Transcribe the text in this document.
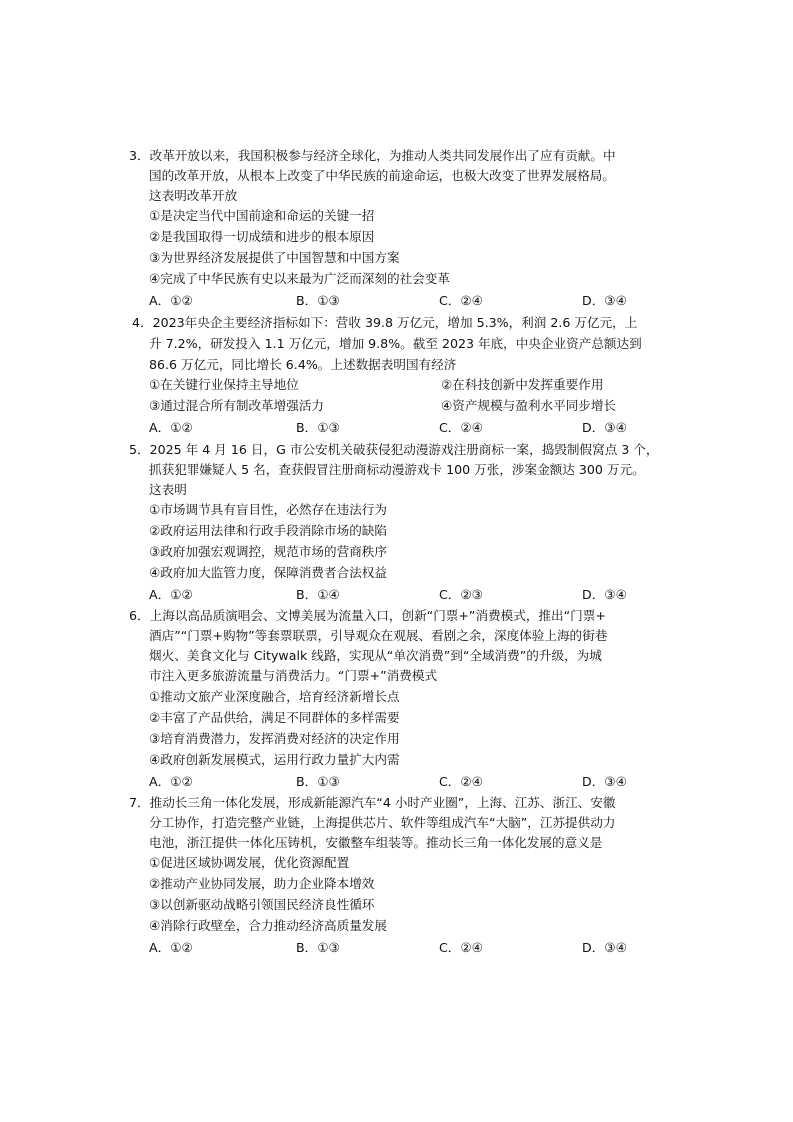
3．改革开放以来，我国积极参与经济全球化，为推动人类共同发展作出了应有贡献。中
国的改革开放，从根本上改变了中华民族的前途命运，也极大改变了世界发展格局。
这表明改革开放
①是决定当代中国前途和命运的关键一招
②是我国取得一切成绩和进步的根本原因
③为世界经济发展提供了中国智慧和中国方案
④完成了中华民族有史以来最为广泛而深刻的社会变革
A．①②	B．①③	C．②④	D．③④
4．2023年央企主要经济指标如下：营收 39.8 万亿元，增加 5.3%，利润 2.6 万亿元，上
升 7.2%，研发投入 1.1 万亿元，增加 9.8%。截至 2023 年底，中央企业资产总额达到
86.6 万亿元，同比增长 6.4%。上述数据表明国有经济
①在关键行业保持主导地位	②在科技创新中发挥重要作用
③通过混合所有制改革增强活力	④资产规模与盈利水平同步增长
A．①②	B．①③	C．②④	D．③④
5．2025 年 4 月 16 日，G 市公安机关破获侵犯动漫游戏注册商标一案，捣毁制假窝点 3 个，
抓获犯罪嫌疑人 5 名，查获假冒注册商标动漫游戏卡 100 万张，涉案金额达 300 万元。
这表明
①市场调节具有盲目性，必然存在违法行为
②政府运用法律和行政手段消除市场的缺陷
③政府加强宏观调控，规范市场的营商秩序
④政府加大监管力度，保障消费者合法权益
A．①②	B．①④	C．②③	D．③④
6．上海以高品质演唱会、文博美展为流量入口，创新“门票+”消费模式，推出“门票+
酒店”“门票+购物”等套票联票，引导观众在观展、看剧之余，深度体验上海的街巷
烟火、美食文化与 Citywalk 线路，实现从“单次消费”到“全域消费”的升级，为城
市注入更多旅游流量与消费活力。“门票+”消费模式
①推动文旅产业深度融合，培育经济新增长点
②丰富了产品供给，满足不同群体的多样需要
③培育消费潜力，发挥消费对经济的决定作用
④政府创新发展模式，运用行政力量扩大内需
A．①②	B．①③	C．②④	D．③④
7．推动长三角一体化发展，形成新能源汽车“4 小时产业圈”，上海、江苏、浙江、安徽
分工协作，打造完整产业链，上海提供芯片、软件等组成汽车“大脑”，江苏提供动力
电池，浙江提供一体化压铸机，安徽整车组装等。推动长三角一体化发展的意义是
①促进区域协调发展，优化资源配置
②推动产业协同发展，助力企业降本增效
③以创新驱动战略引领国民经济良性循环
④消除行政壁垒，合力推动经济高质量发展
A．①②	B．①③	C．②④	D．③④
